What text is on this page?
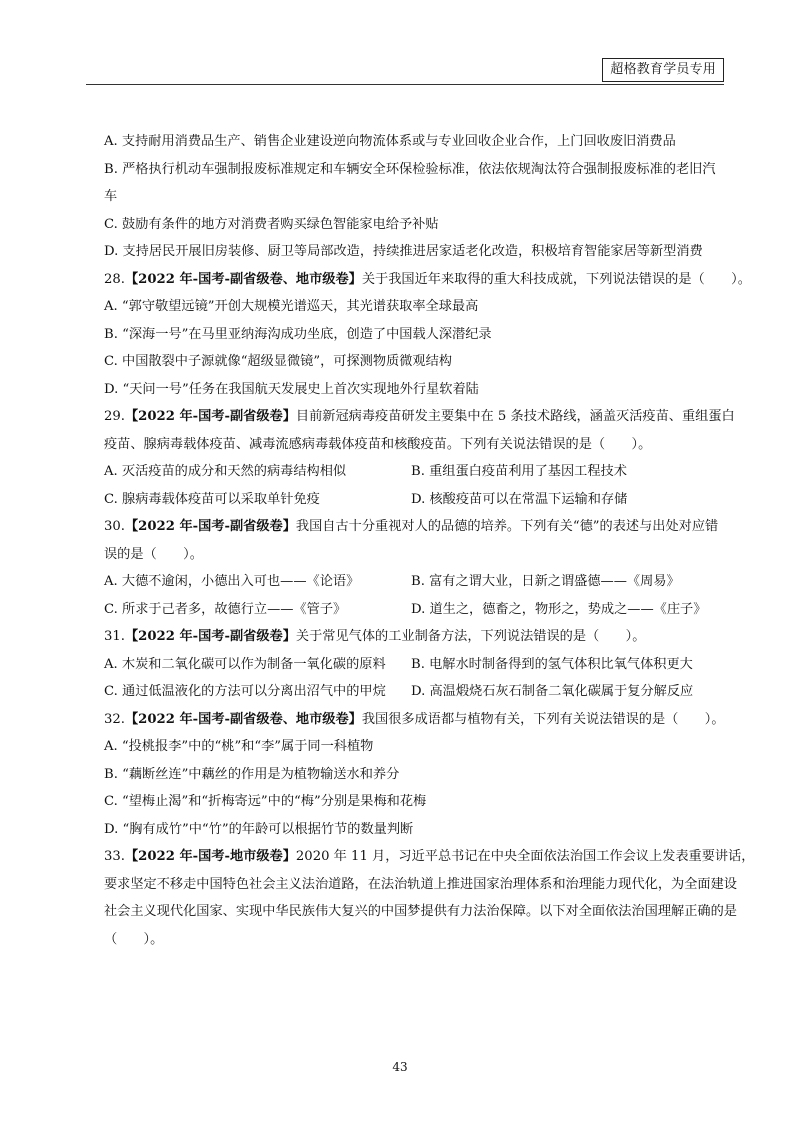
超格教育学员专用
A. 支持耐用消费品生产、销售企业建设逆向物流体系或与专业回收企业合作，上门回收废旧消费品
B. 严格执行机动车强制报废标准规定和车辆安全环保检验标准，依法依规淘汰符合强制报废标准的老旧汽
车
C. 鼓励有条件的地方对消费者购买绿色智能家电给予补贴
D. 支持居民开展旧房装修、厨卫等局部改造，持续推进居家适老化改造，积极培育智能家居等新型消费
28.【2022 年-国考-副省级卷、地市级卷】关于我国近年来取得的重大科技成就，下列说法错误的是（　　）。
A. “郭守敬望远镜”开创大规模光谱巡天，其光谱获取率全球最高
B. “深海一号”在马里亚纳海沟成功坐底，创造了中国载人深潜纪录
C. 中国散裂中子源就像“超级显微镜”，可探测物质微观结构
D. “天问一号”任务在我国航天发展史上首次实现地外行星软着陆
29.【2022 年-国考-副省级卷】目前新冠病毒疫苗研发主要集中在 5 条技术路线，涵盖灭活疫苗、重组蛋白
疫苗、腺病毒载体疫苗、减毒流感病毒载体疫苗和核酸疫苗。下列有关说法错误的是（　　）。
A. 灭活疫苗的成分和天然的病毒结构相似	B. 重组蛋白疫苗利用了基因工程技术
C. 腺病毒载体疫苗可以采取单针免疫	D. 核酸疫苗可以在常温下运输和存储
30.【2022 年-国考-副省级卷】我国自古十分重视对人的品德的培养。下列有关“德”的表述与出处对应错
误的是（　　）。
A. 大德不逾闲，小德出入可也——《论语》	B. 富有之谓大业，日新之谓盛德——《周易》
C. 所求于己者多，故德行立——《管子》	D. 道生之，德畜之，物形之，势成之——《庄子》
31.【2022 年-国考-副省级卷】关于常见气体的工业制备方法，下列说法错误的是（　　）。
A. 木炭和二氧化碳可以作为制备一氧化碳的原料	B. 电解水时制备得到的氢气体积比氧气体积更大
C. 通过低温液化的方法可以分离出沼气中的甲烷	D. 高温煅烧石灰石制备二氧化碳属于复分解反应
32.【2022 年-国考-副省级卷、地市级卷】我国很多成语都与植物有关，下列有关说法错误的是（　　）。
A. “投桃报李”中的“桃”和“李”属于同一科植物
B. “藕断丝连”中藕丝的作用是为植物输送水和养分
C. “望梅止渴”和“折梅寄远”中的“梅”分别是果梅和花梅
D. “胸有成竹”中“竹”的年龄可以根据竹节的数量判断
33.【2022 年-国考-地市级卷】2020 年 11 月，习近平总书记在中央全面依法治国工作会议上发表重要讲话，
要求坚定不移走中国特色社会主义法治道路，在法治轨道上推进国家治理体系和治理能力现代化，为全面建设
社会主义现代化国家、实现中华民族伟大复兴的中国梦提供有力法治保障。以下对全面依法治国理解正确的是
（　　）。
43
